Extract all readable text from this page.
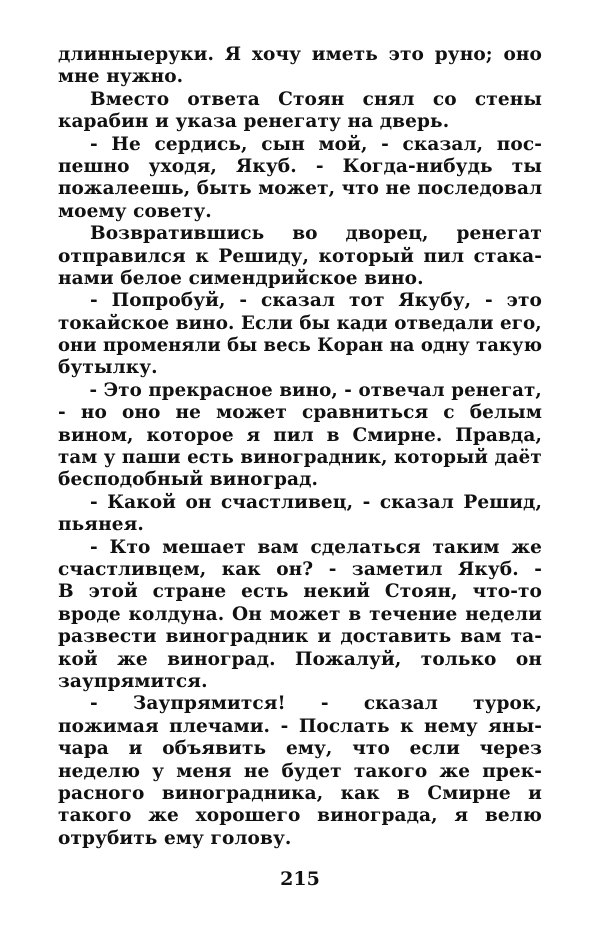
длинныеруки. Я хочу иметь это руно; оно
мне нужно.
Вместо ответа Стоян снял со стены
карабин и указа ренегату на дверь.
- Не сердись, сын мой, - сказал, пос-
пешно уходя, Якуб. - Когда-нибудь ты
пожалеешь, быть может, что не последовал
моему совету.
Возвратившись во дворец, ренегат
отправился к Решиду, который пил стака-
нами белое симендрийское вино.
- Попробуй, - сказал тот Якубу, - это
токайское вино. Если бы кади отведали его,
они променяли бы весь Коран на одну такую
бутылку.
- Это прекрасное вино, - отвечал ренегат,
- но оно не может сравниться с белым
вином, которое я пил в Смирне. Правда,
там у паши есть виноградник, который даёт
бесподобный виноград.
- Какой он счастливец, - сказал Решид,
пьянея.
- Кто мешает вам сделаться таким же
счастливцем, как он? - заметил Якуб. -
В этой стране есть некий Стоян, что-то
вроде колдуна. Он может в течение недели
развести виноградник и доставить вам та-
кой же виноград. Пожалуй, только он
заупрямится.
- Заупрямится! - сказал турок,
пожимая плечами. - Послать к нему яны-
чара и объявить ему, что если через
неделю у меня не будет такого же прек-
расного виноградника, как в Смирне и
такого же хорошего винограда, я велю
отрубить ему голову.
215
